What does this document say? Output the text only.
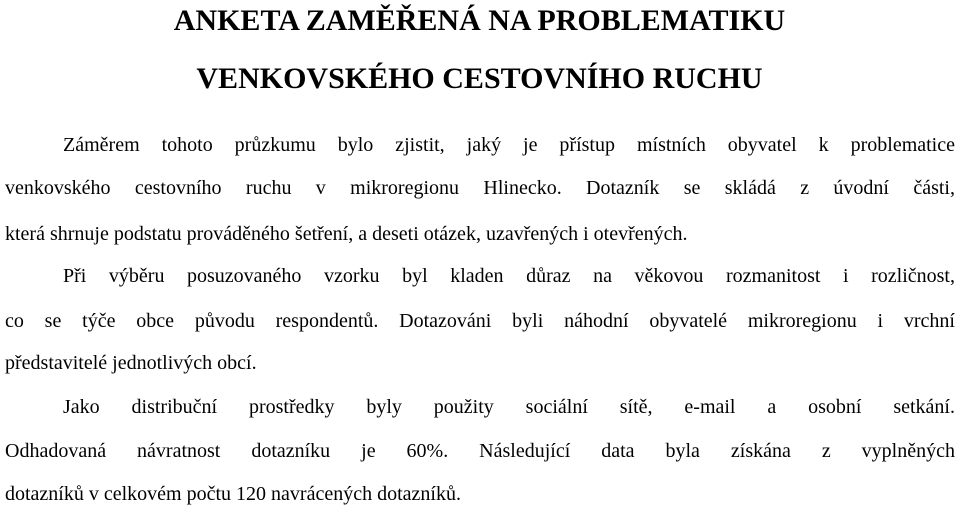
ANKETA ZAMĚŘENÁ NA PROBLEMATIKU
VENKOVSKÉHO CESTOVNÍHO RUCHU
Záměrem tohoto průzkumu bylo zjistit, jaký je přístup místních obyvatel k problematice
venkovského cestovního ruchu v mikroregionu Hlinecko. Dotazník se skládá z úvodní části,
která shrnuje podstatu prováděného šetření, a deseti otázek, uzavřených i otevřených.
Při výběru posuzovaného vzorku byl kladen důraz na věkovou rozmanitost i rozličnost,
co se týče obce původu respondentů. Dotazováni byli náhodní obyvatelé mikroregionu i vrchní
představitelé jednotlivých obcí.
Jako distribuční prostředky byly použity sociální sítě, e-mail a osobní setkání.
Odhadovaná návratnost dotazníku je 60%. Následující data byla získána z vyplněných
dotazníků v celkovém počtu 120 navrácených dotazníků.
